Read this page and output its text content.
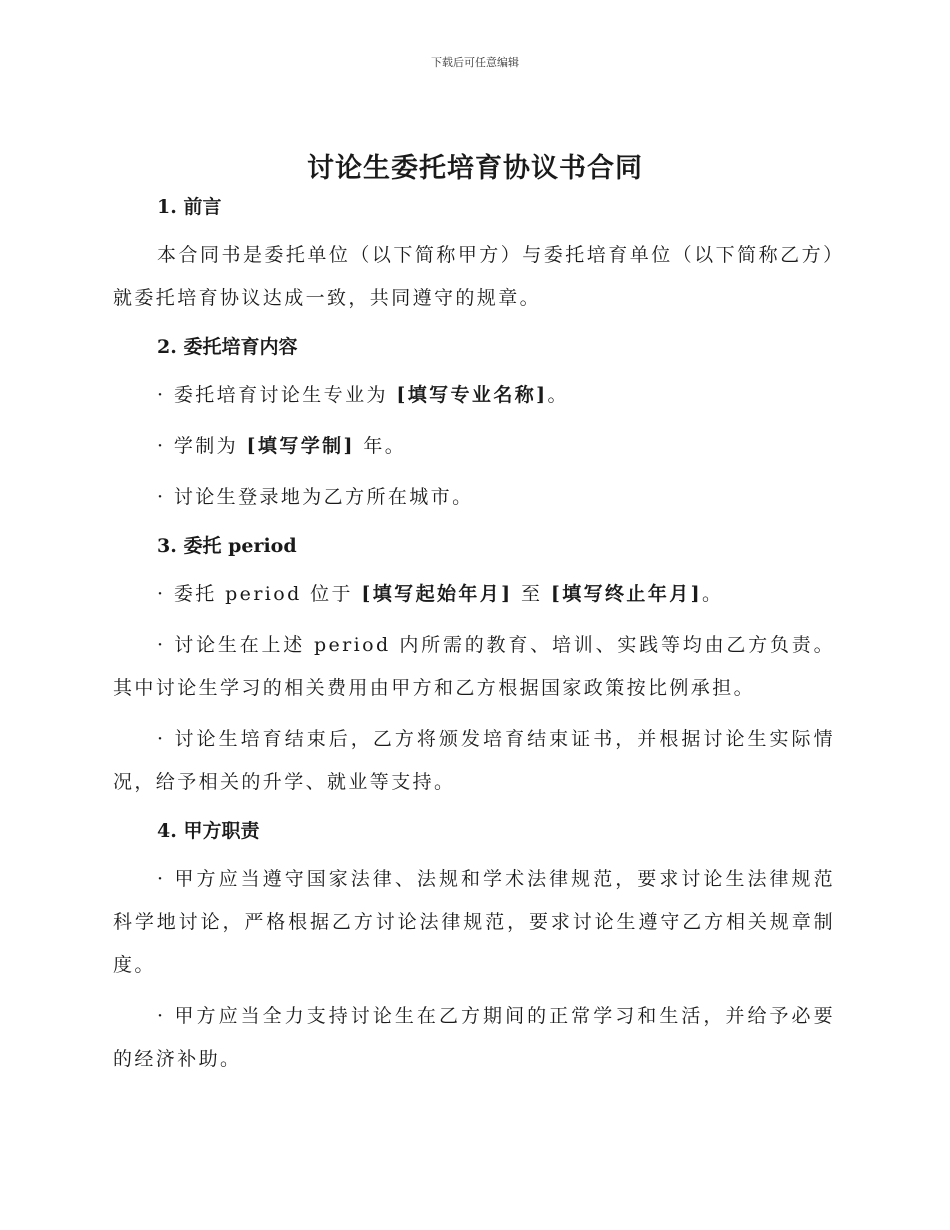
下载后可任意编辑
讨论生委托培育协议书合同

1. 前言

本合同书是委托单位（以下简称甲方）与委托培育单位（以下简称乙方）就委托培育协议达成一致，共同遵守的规章。

2. 委托培育内容

· 委托培育讨论生专业为 [填写专业名称]。

· 学制为 [填写学制] 年。

· 讨论生登录地为乙方所在城市。

3. 委托 period

· 委托 period 位于 [填写起始年月] 至 [填写终止年月]。

· 讨论生在上述 period 内所需的教育、培训、实践等均由乙方负责。其中讨论生学习的相关费用由甲方和乙方根据国家政策按比例承担。

· 讨论生培育结束后，乙方将颁发培育结束证书，并根据讨论生实际情况，给予相关的升学、就业等支持。

4. 甲方职责

· 甲方应当遵守国家法律、法规和学术法律规范，要求讨论生法律规范科学地讨论，严格根据乙方讨论法律规范，要求讨论生遵守乙方相关规章制度。

· 甲方应当全力支持讨论生在乙方期间的正常学习和生活，并给予必要的经济补助。
